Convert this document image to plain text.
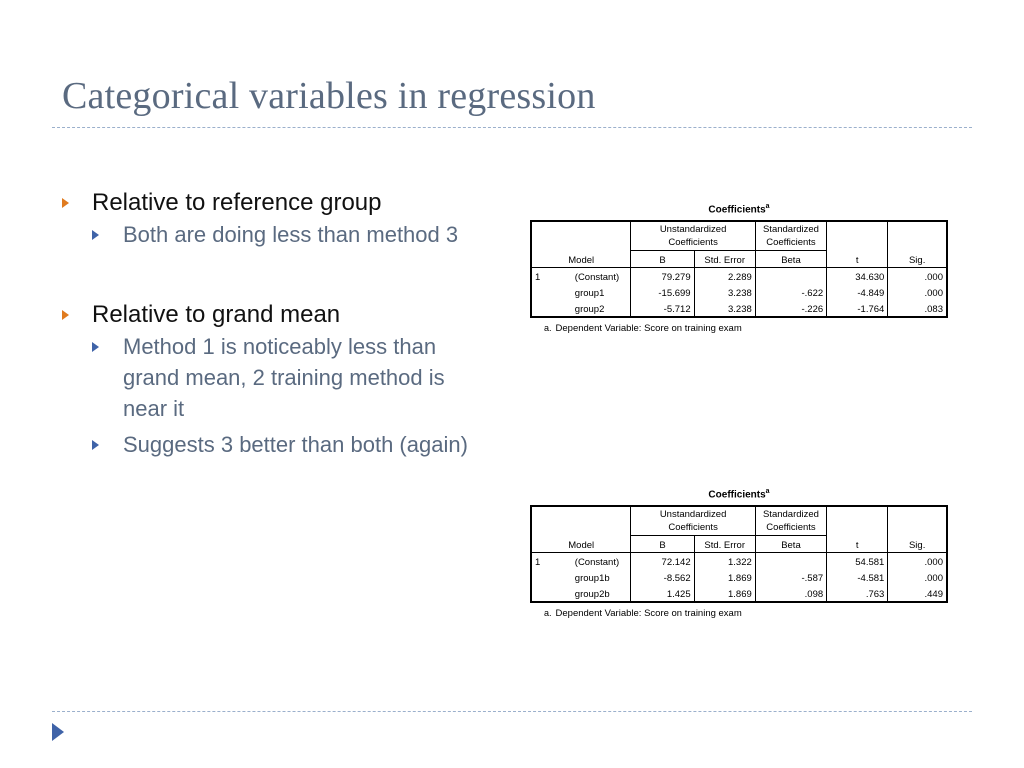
Categorical variables in regression
Relative to reference group
Both are doing less than method 3
Relative to grand mean
Method 1 is noticeably less than grand mean, 2 training method is near it
Suggests 3 better than both (again)
Coefficients$^a$
		Unstandardized Coefficients		Standardized Coefficients		
Model		B	Std. Error	Beta	t	Sig.
1	(Constant)	79.279	2.289		34.630	.000
	group1	-15.699	3.238	-.622	-4.849	.000
	group2	-5.712	3.238	-.226	-1.764	.083
a. Dependent Variable: Score on training exam
Coefficients$^a$
		Unstandardized Coefficients		Standardized Coefficients		
Model		B	Std. Error	Beta	t	Sig.
1	(Constant)	72.142	1.322		54.581	.000
	group1b	-8.562	1.869	-.587	-4.581	.000
	group2b	1.425	1.869	.098	.763	.449
a. Dependent Variable: Score on training exam
